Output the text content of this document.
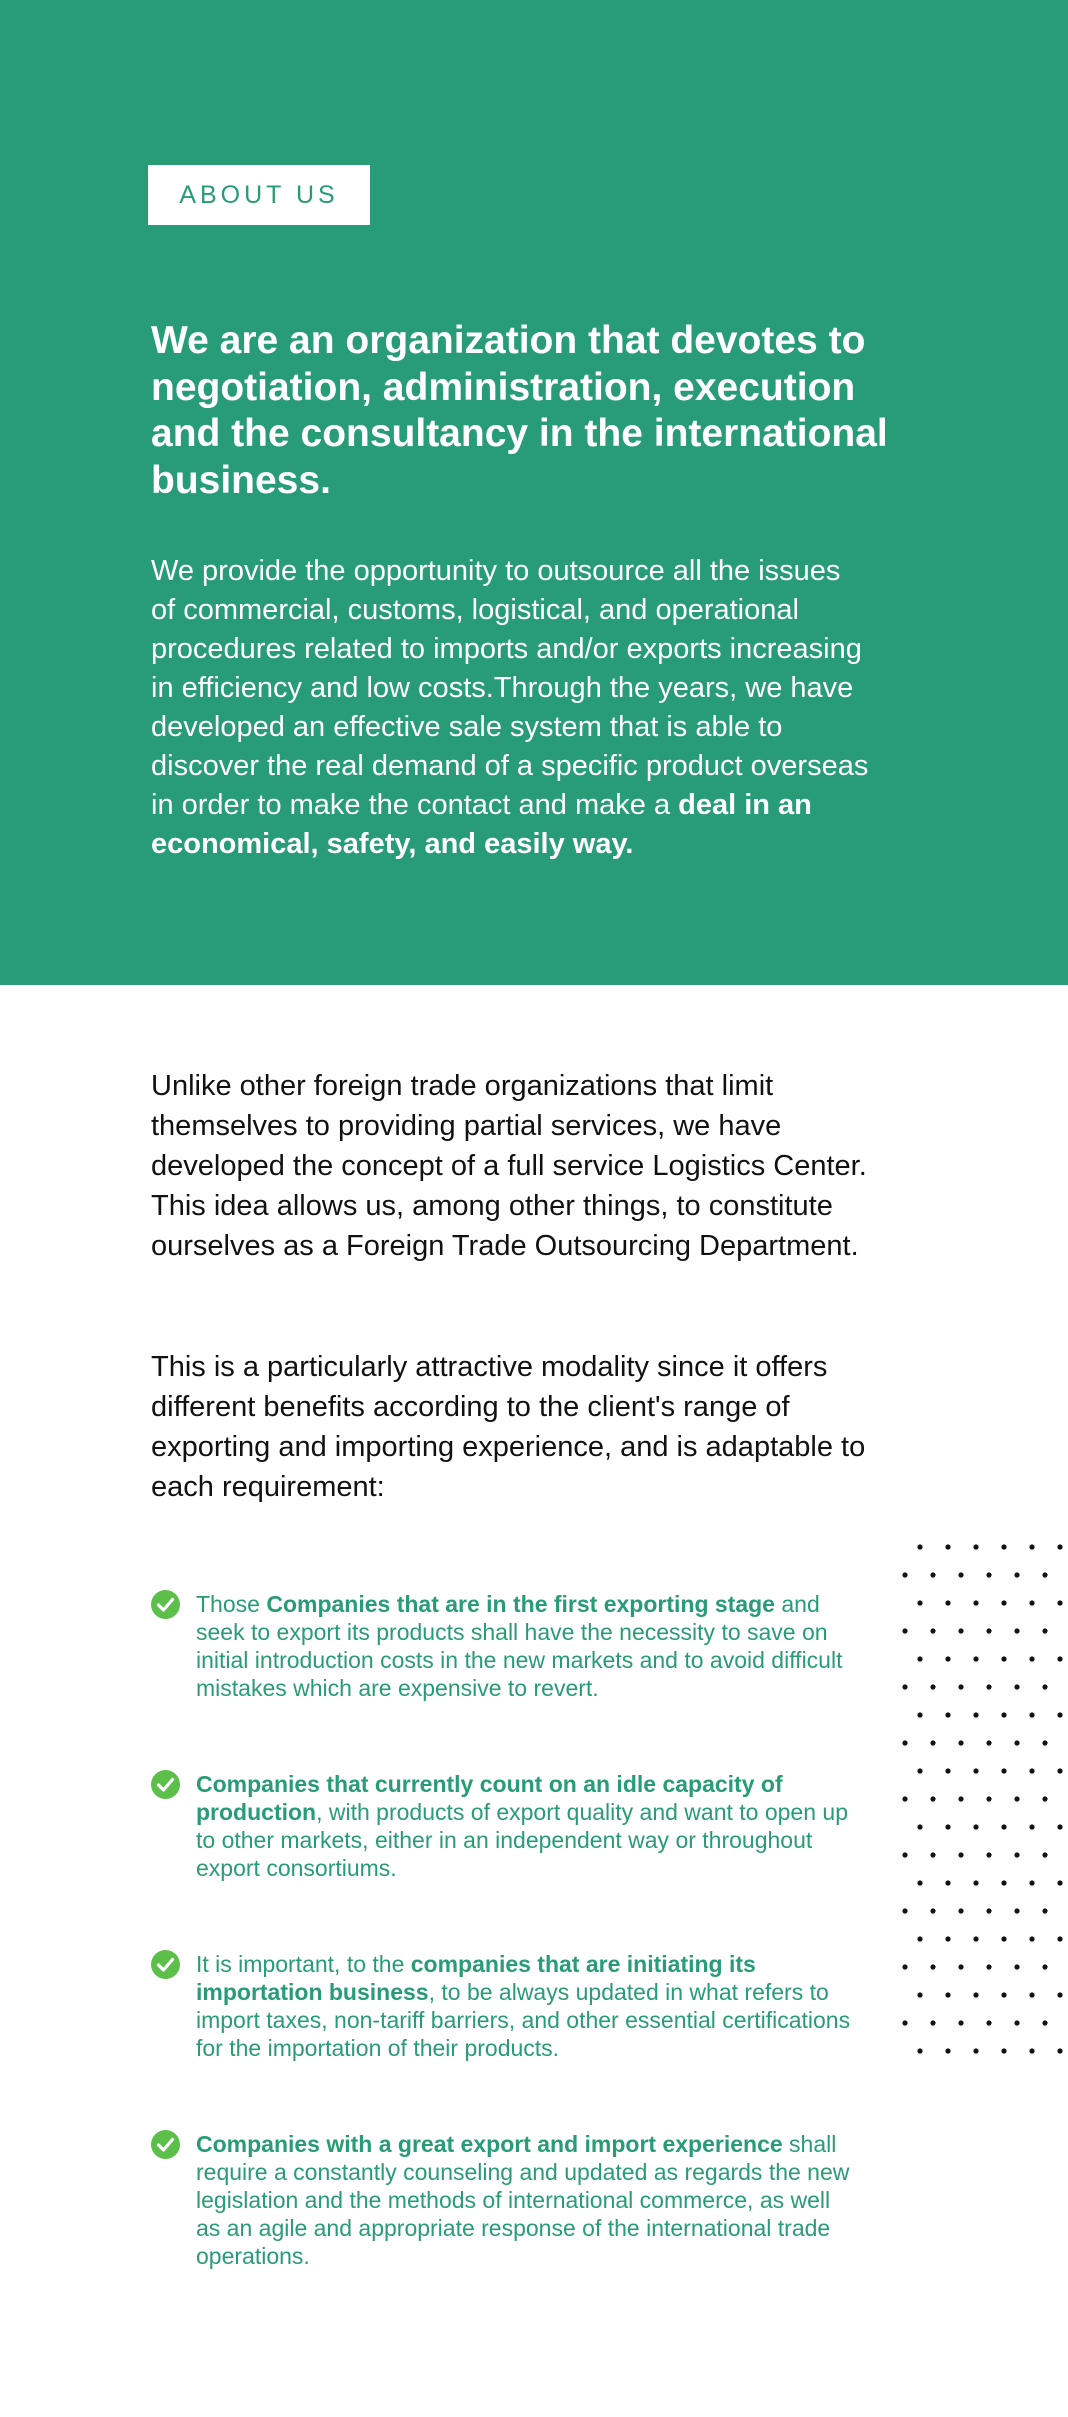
ABOUT US
We are an organization that devotes to negotiation, administration, execution and the consultancy in the international business.

We provide the opportunity to outsource all the issues of commercial, customs, logistical, and operational procedures related to imports and/or exports increasing in efficiency and low costs.Through the years, we have developed an effective sale system that is able to discover the real demand of a specific product overseas in order to make the contact and make a deal in an economical, safety, and easily way.

Unlike other foreign trade organizations that limit themselves to providing partial services, we have developed the concept of a full service Logistics Center. This idea allows us, among other things, to constitute ourselves as a Foreign Trade Outsourcing Department.

This is a particularly attractive modality since it offers different benefits according to the client's range of exporting and importing experience, and is adaptable to each requirement:

Those Companies that are in the first exporting stage and seek to export its products shall have the necessity to save on initial introduction costs in the new markets and to avoid difficult mistakes which are expensive to revert.

Companies that currently count on an idle capacity of production, with products of export quality and want to open up to other markets, either in an independent way or throughout export consortiums.

It is important, to the companies that are initiating its importation business, to be always updated in what refers to import taxes, non-tariff barriers, and other essential certifications for the importation of their products.

Companies with a great export and import experience shall require a constantly counseling and updated as regards the new legislation and the methods of international commerce, as well as an agile and appropriate response of the international trade operations.
